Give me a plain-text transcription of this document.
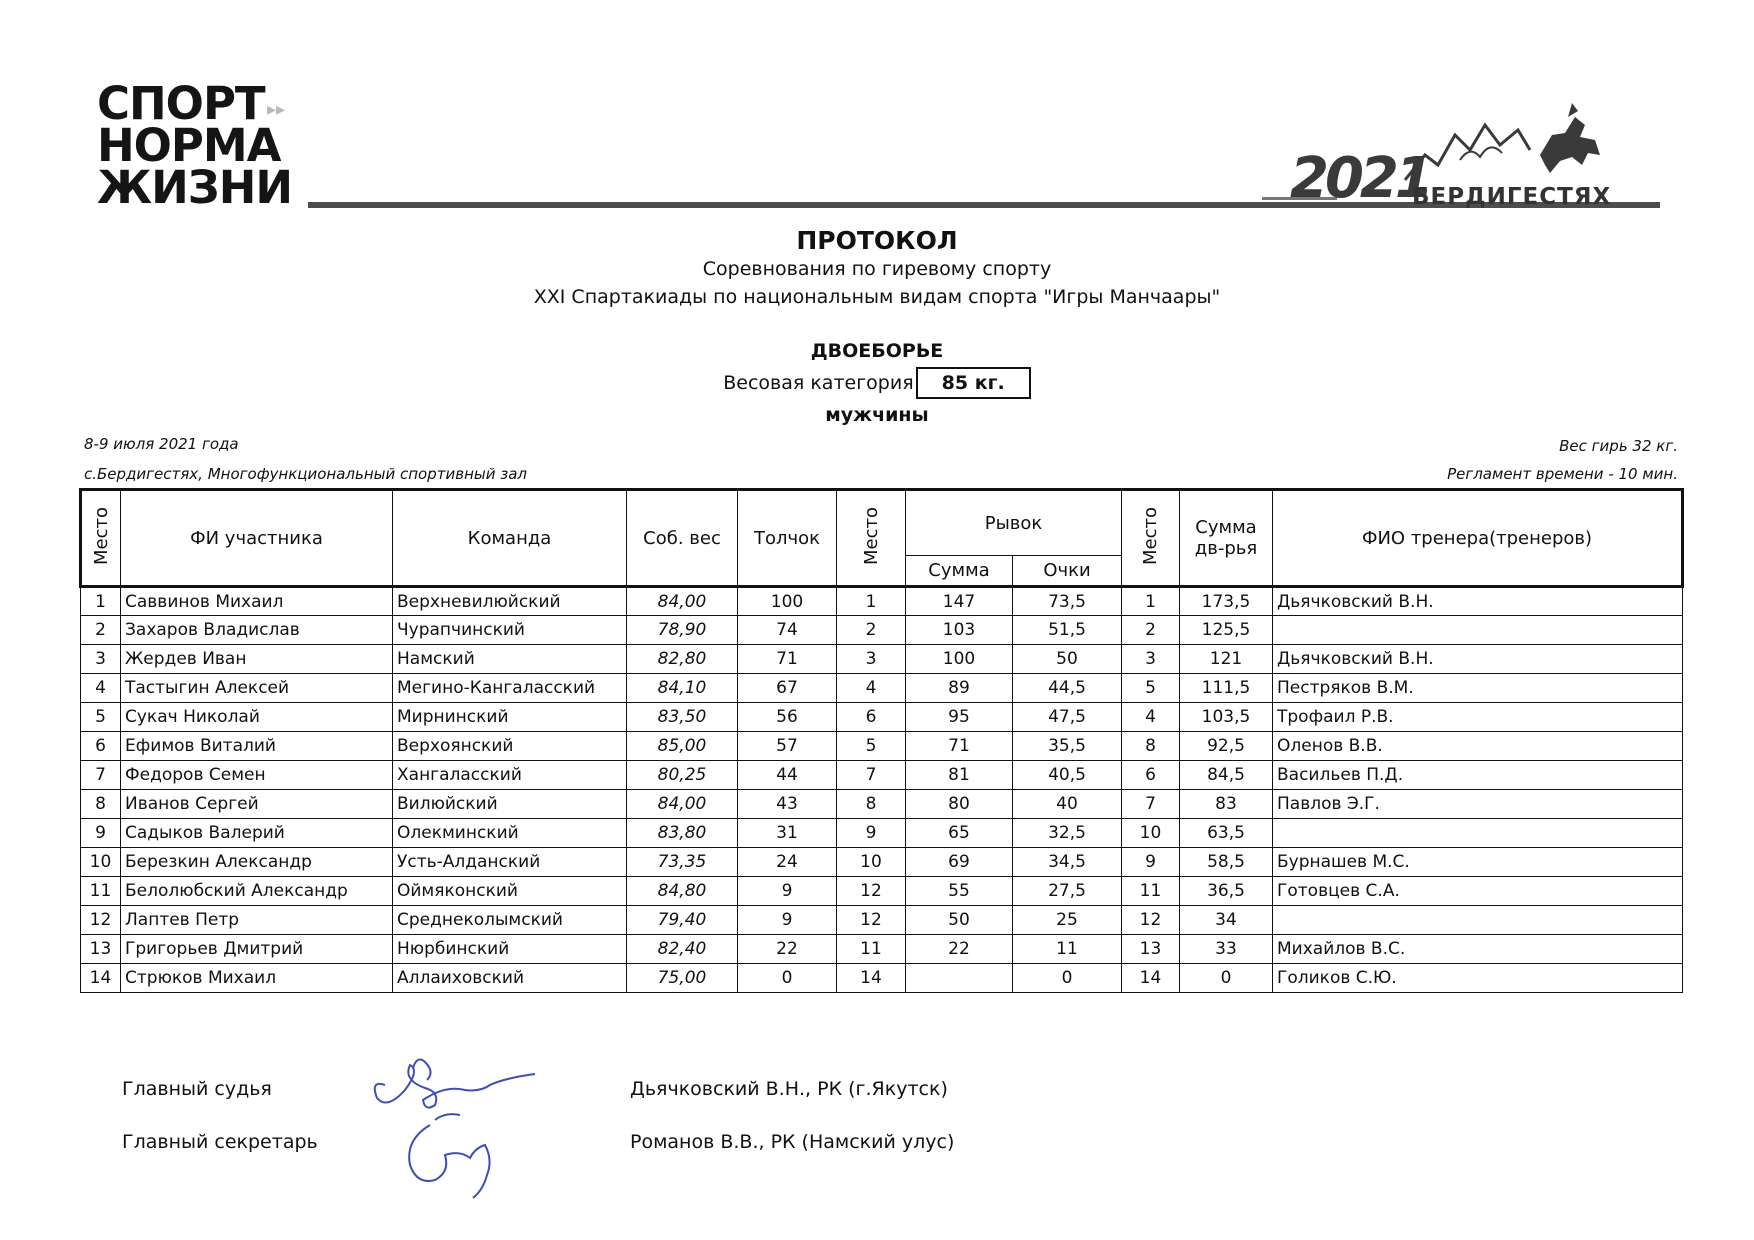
СПОРТ
НОРМА
ЖИЗНИ
▸▸
2021
БЕРДИГЕСТЯХ
ПРОТОКОЛ
Соревнования по гиревому спорту
XXI Спартакиады по национальным видам спорта "Игры Манчаары"
ДВОЕБОРЬЕ
Весовая категория 85 кг.
мужчины
8-9 июля 2021 года
с.Бердигестях, Многофункциональный спортивный зал
Вес гирь 32 кг.
Регламент времени - 10 мин.
Место	ФИ участника	Команда	Соб. вес	Толчок	Место	Рывок		Место	Сумма
дв-рья	ФИО тренера(тренеров)
						Сумма	Очки			
1	Саввинов Михаил	Верхневилюйский	84,00	100	1	147	73,5	1	173,5	Дьячковский В.Н.
2	Захаров Владислав	Чурапчинский	78,90	74	2	103	51,5	2	125,5	
3	Жердев Иван	Намский	82,80	71	3	100	50	3	121	Дьячковский В.Н.
4	Тастыгин Алексей	Мегино-Кангаласский	84,10	67	4	89	44,5	5	111,5	Пестряков В.М.
5	Сукач Николай	Мирнинский	83,50	56	6	95	47,5	4	103,5	Трофаил Р.В.
6	Ефимов Виталий	Верхоянский	85,00	57	5	71	35,5	8	92,5	Оленов В.В.
7	Федоров Семен	Хангаласский	80,25	44	7	81	40,5	6	84,5	Васильев П.Д.
8	Иванов Сергей	Вилюйский	84,00	43	8	80	40	7	83	Павлов Э.Г.
9	Садыков Валерий	Олекминский	83,80	31	9	65	32,5	10	63,5	
10	Березкин Александр	Усть-Алданский	73,35	24	10	69	34,5	9	58,5	Бурнашев М.С.
11	Белолюбский Александр	Оймяконский	84,80	9	12	55	27,5	11	36,5	Готовцев С.А.
12	Лаптев Петр	Среднеколымский	79,40	9	12	50	25	12	34	
13	Григорьев Дмитрий	Нюрбинский	82,40	22	11	22	11	13	33	Михайлов В.С.
14	Стрюков Михаил	Аллаиховский	75,00	0	14		0	14	0	Голиков С.Ю.
Главный судья
Главный секретарь
Дьячковский В.Н., РК (г.Якутск)
Романов В.В., РК (Намский улус)
